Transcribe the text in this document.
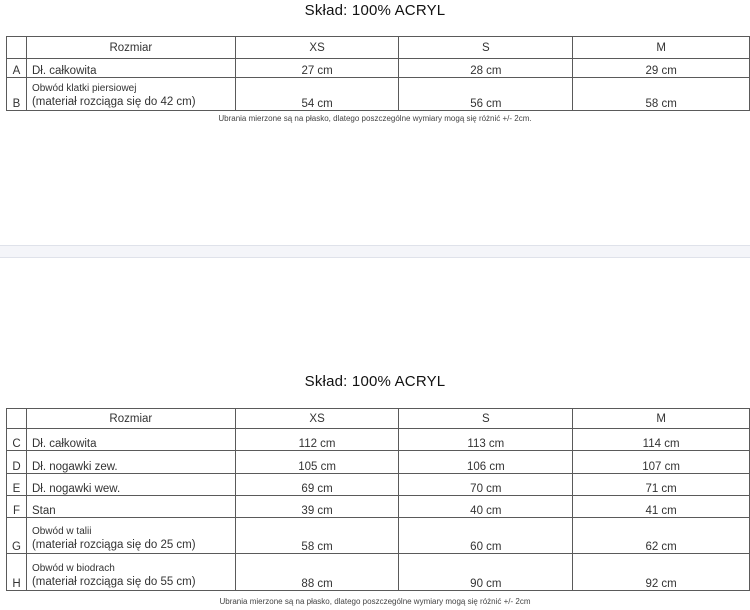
Skład: 100% ACRYL
	Rozmiar	XS	S	M
A	Dł. całkowita	27 cm	28 cm	29 cm
B	Obwód klatki piersiowej
(materiał rozciąga się do 42 cm)	54 cm	56 cm	58 cm
Ubrania mierzone są na płasko, dlatego poszczególne wymiary mogą się różnić +/- 2cm.
Skład: 100% ACRYL
	Rozmiar	XS	S	M
C	Dł. całkowita	112 cm	113 cm	114 cm
D	Dł. nogawki zew.	105 cm	106 cm	107 cm
E	Dł. nogawki wew.	69 cm	70 cm	71 cm
F	Stan	39 cm	40 cm	41 cm
G	Obwód w talii
(materiał rozciąga się do 25 cm)	58 cm	60 cm	62 cm
H	Obwód w biodrach
(materiał rozciąga się do 55 cm)	88 cm	90 cm	92 cm
Ubrania mierzone są na płasko, dlatego poszczególne wymiary mogą się różnić +/- 2cm
